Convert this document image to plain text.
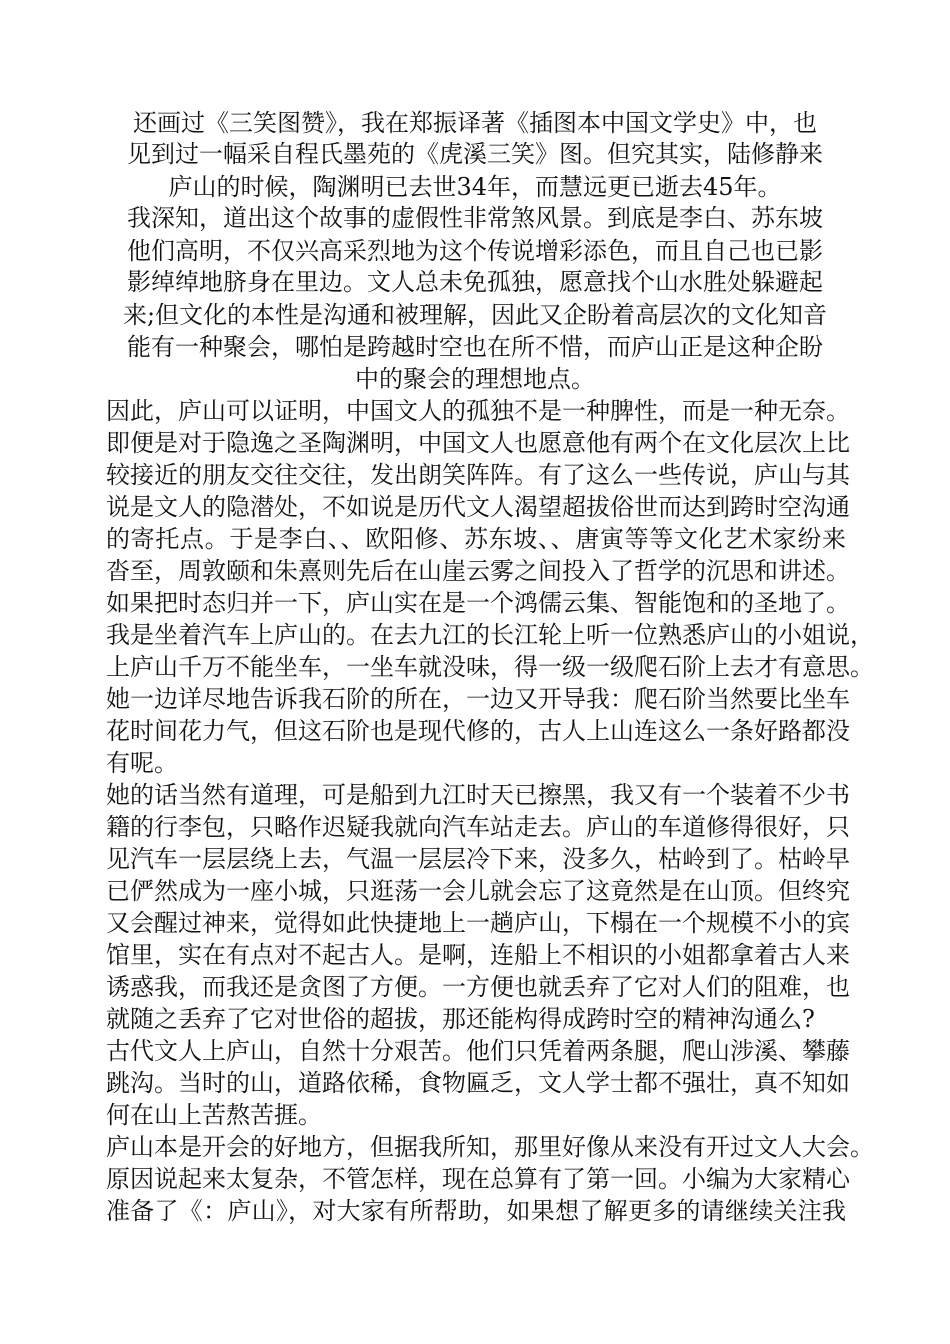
还画过《三笑图赞》，我在郑振译著《插图本中国文学史》中，也
见到过一幅采自程氏墨苑的《虎溪三笑》图。但究其实，陆修静来
庐山的时候，陶渊明已去世34年，而慧远更已逝去45年。
我深知，道出这个故事的虚假性非常煞风景。到底是李白、苏东坡
他们高明，不仅兴高采烈地为这个传说增彩添色，而且自己也已影
影绰绰地脐身在里边。文人总未免孤独，愿意找个山水胜处躲避起
来;但文化的本性是沟通和被理解，因此又企盼着高层次的文化知音
能有一种聚会，哪怕是跨越时空也在所不惜，而庐山正是这种企盼
中的聚会的理想地点。
因此，庐山可以证明，中国文人的孤独不是一种脾性，而是一种无奈。
即便是对于隐逸之圣陶渊明，中国文人也愿意他有两个在文化层次上比
较接近的朋友交往交往，发出朗笑阵阵。有了这么一些传说，庐山与其
说是文人的隐潜处，不如说是历代文人渴望超拔俗世而达到跨时空沟通
的寄托点。于是李白、、欧阳修、苏东坡、、唐寅等等文化艺术家纷来
沓至，周敦颐和朱熹则先后在山崖云雾之间投入了哲学的沉思和讲述。
如果把时态归并一下，庐山实在是一个鸿儒云集、智能饱和的圣地了。
我是坐着汽车上庐山的。在去九江的长江轮上听一位熟悉庐山的小姐说，
上庐山千万不能坐车，一坐车就没味，得一级一级爬石阶上去才有意思。
她一边详尽地告诉我石阶的所在，一边又开导我：爬石阶当然要比坐车
花时间花力气，但这石阶也是现代修的，古人上山连这么一条好路都没
有呢。
她的话当然有道理，可是船到九江时天已擦黑，我又有一个装着不少书
籍的行李包，只略作迟疑我就向汽车站走去。庐山的车道修得很好，只
见汽车一层层绕上去，气温一层层冷下来，没多久，枯岭到了。枯岭早
已俨然成为一座小城，只逛荡一会儿就会忘了这竟然是在山顶。但终究
又会醒过神来，觉得如此快捷地上一趟庐山，下榻在一个规模不小的宾
馆里，实在有点对不起古人。是啊，连船上不相识的小姐都拿着古人来
诱惑我，而我还是贪图了方便。一方便也就丢弃了它对人们的阻难，也
就随之丢弃了它对世俗的超拔，那还能构得成跨时空的精神沟通么?
古代文人上庐山，自然十分艰苦。他们只凭着两条腿，爬山涉溪、攀藤
跳沟。当时的山，道路依稀，食物匾乏，文人学士都不强壮，真不知如
何在山上苦熬苦捱。
庐山本是开会的好地方，但据我所知，那里好像从来没有开过文人大会。
原因说起来太复杂，不管怎样，现在总算有了第一回。小编为大家精心
准备了《：庐山》，对大家有所帮助，如果想了解更多的请继续关注我
